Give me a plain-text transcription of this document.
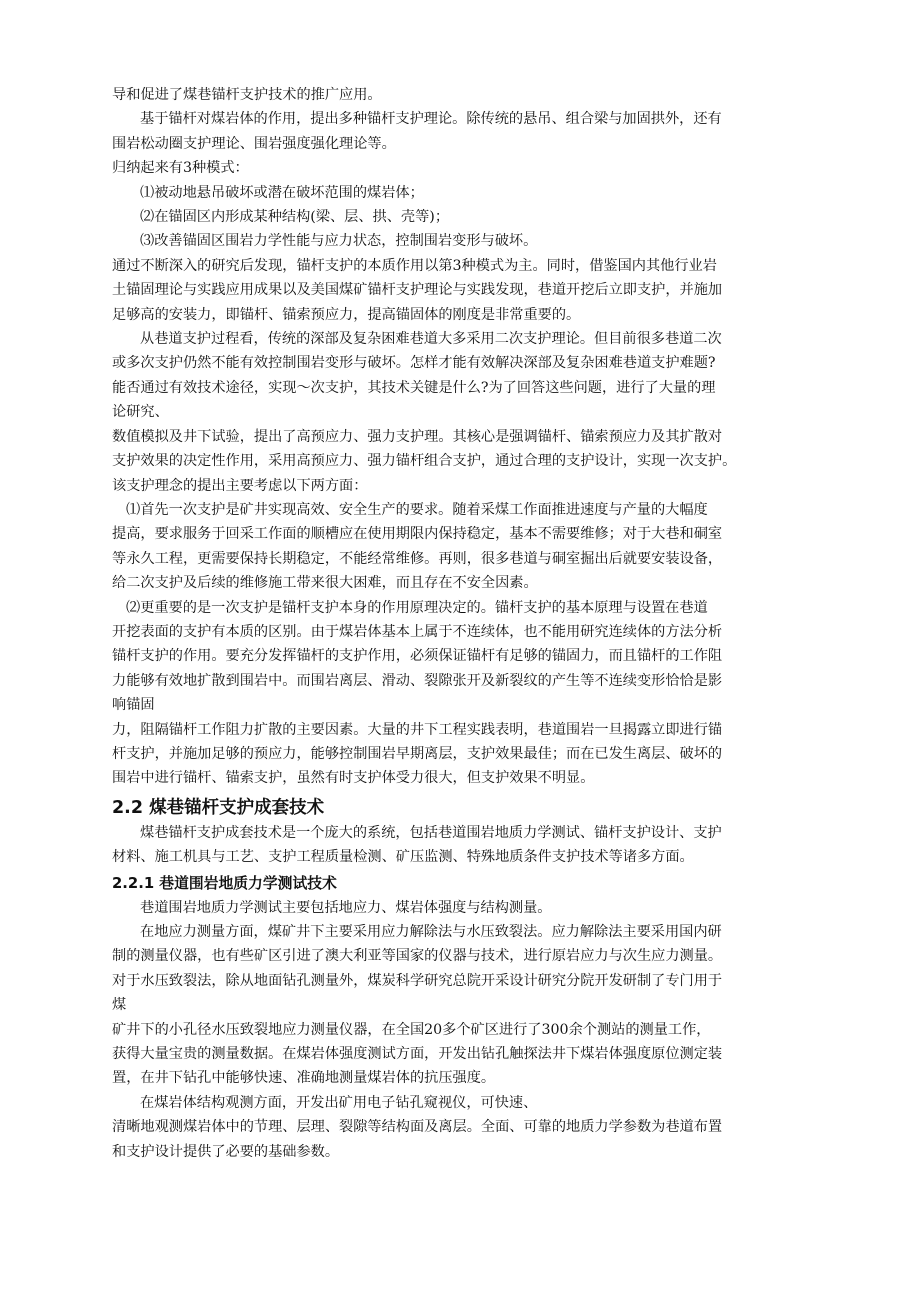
导和促进了煤巷锚杆支护技术的推广应用。
基于锚杆对煤岩体的作用，提出多种锚杆支护理论。除传统的悬吊、组合梁与加固拱外，还有
围岩松动圈支护理论、围岩强度强化理论等。
归纳起来有3种模式：
⑴被动地悬吊破坏或潜在破坏范围的煤岩体；
⑵在锚固区内形成某种结构(梁、层、拱、壳等)；
⑶改善锚固区围岩力学性能与应力状态，控制围岩变形与破坏。
通过不断深入的研究后发现，锚杆支护的本质作用以第3种模式为主。同时，借鉴国内其他行业岩
土锚固理论与实践应用成果以及美国煤矿锚杆支护理论与实践发现，巷道开挖后立即支护，并施加
足够高的安装力，即锚杆、锚索预应力，提高锚固体的刚度是非常重要的。
从巷道支护过程看，传统的深部及复杂困难巷道大多采用二次支护理论。但目前很多巷道二次
或多次支护仍然不能有效控制围岩变形与破坏。怎样才能有效解决深部及复杂困难巷道支护难题?
能否通过有效技术途径，实现～次支护，其技术关键是什么?为了回答这些问题，进行了大量的理
论研究、
数值模拟及井下试验，提出了高预应力、强力支护理。其核心是强调锚杆、锚索预应力及其扩散对
支护效果的决定性作用，采用高预应力、强力锚杆组合支护，通过合理的支护设计，实现一次支护。
该支护理念的提出主要考虑以下两方面：
⑴首先一次支护是矿井实现高效、安全生产的要求。随着采煤工作面推进速度与产量的大幅度
提高，要求服务于回采工作面的顺槽应在使用期限内保持稳定，基本不需要维修；对于大巷和硐室
等永久工程，更需要保持长期稳定，不能经常维修。再则，很多巷道与硐室掘出后就要安装设备，
给二次支护及后续的维修施工带来很大困难，而且存在不安全因素。
⑵更重要的是一次支护是锚杆支护本身的作用原理决定的。锚杆支护的基本原理与设置在巷道
开挖表面的支护有本质的区别。由于煤岩体基本上属于不连续体，也不能用研究连续体的方法分析
锚杆支护的作用。要充分发挥锚杆的支护作用，必须保证锚杆有足够的锚固力，而且锚杆的工作阻
力能够有效地扩散到围岩中。而围岩离层、滑动、裂隙张开及新裂纹的产生等不连续变形恰恰是影
响锚固
力，阻隔锚杆工作阻力扩散的主要因素。大量的井下工程实践表明，巷道围岩一旦揭露立即进行锚
杆支护，并施加足够的预应力，能够控制围岩早期离层，支护效果最佳；而在已发生离层、破坏的
围岩中进行锚杆、锚索支护，虽然有时支护体受力很大，但支护效果不明显。
2.2 煤巷锚杆支护成套技术
煤巷锚杆支护成套技术是一个庞大的系统，包括巷道围岩地质力学测试、锚杆支护设计、支护
材料、施工机具与工艺、支护工程质量检测、矿压监测、特殊地质条件支护技术等诸多方面。
2.2.1 巷道围岩地质力学测试技术
巷道围岩地质力学测试主要包括地应力、煤岩体强度与结构测量。
在地应力测量方面，煤矿井下主要采用应力解除法与水压致裂法。应力解除法主要采用国内研
制的测量仪器，也有些矿区引进了澳大利亚等国家的仪器与技术，进行原岩应力与次生应力测量。
对于水压致裂法，除从地面钻孔测量外，煤炭科学研究总院开采设计研究分院开发研制了专门用于
煤
矿井下的小孔径水压致裂地应力测量仪器，在全国20多个矿区进行了300余个测站的测量工作，
获得大量宝贵的测量数据。在煤岩体强度测试方面，开发出钻孔触探法井下煤岩体强度原位测定装
置，在井下钻孔中能够快速、准确地测量煤岩体的抗压强度。
在煤岩体结构观测方面，开发出矿用电子钻孔窥视仪，可快速、
清晰地观测煤岩体中的节理、层理、裂隙等结构面及离层。全面、可靠的地质力学参数为巷道布置
和支护设计提供了必要的基础参数。
